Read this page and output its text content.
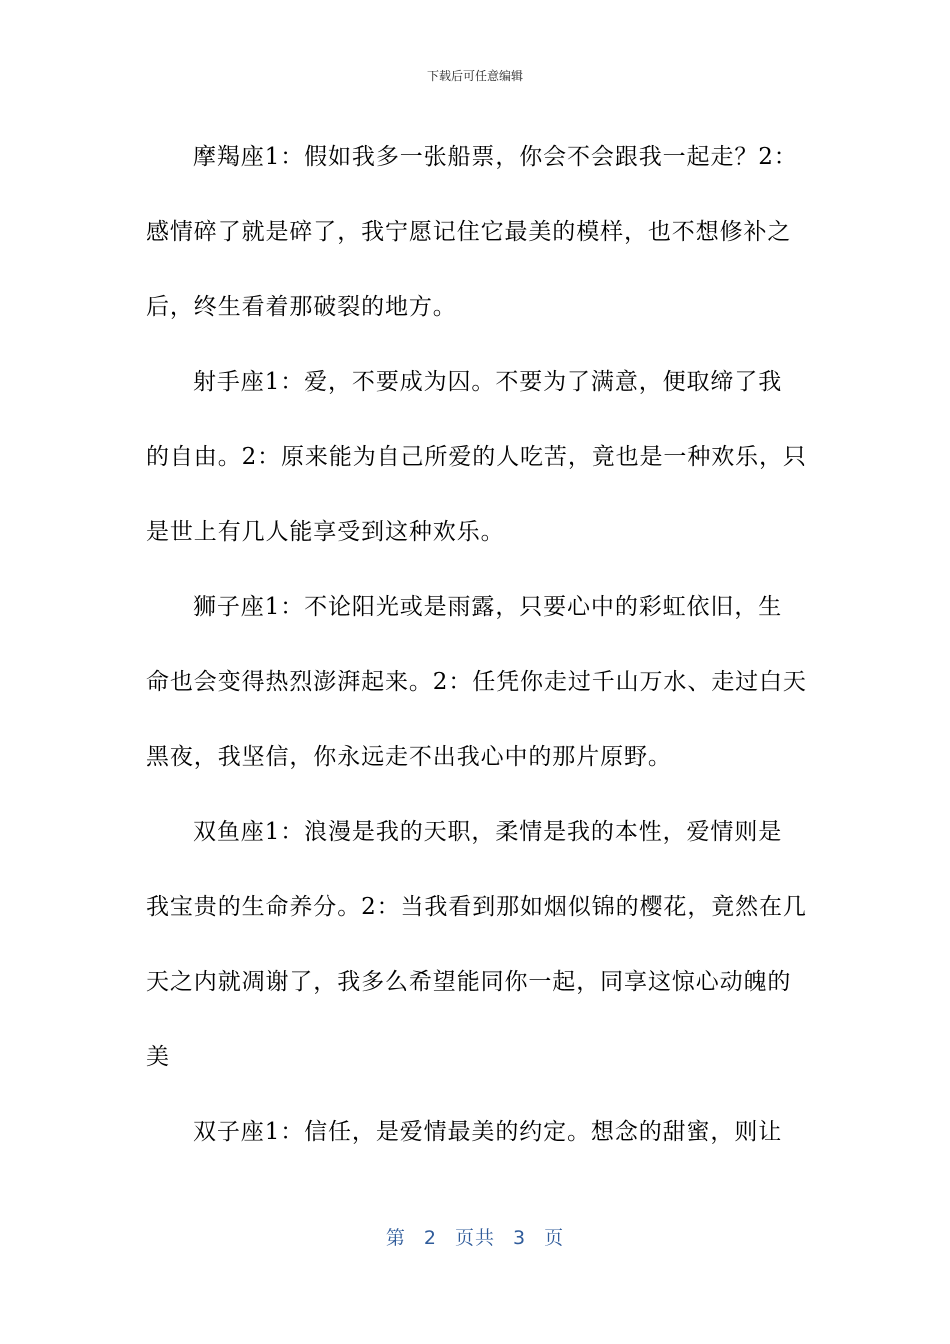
下载后可任意编辑
摩羯座1：假如我多一张船票，你会不会跟我一起走？2：
感情碎了就是碎了，我宁愿记住它最美的模样，也不想修补之
后，终生看着那破裂的地方。
射手座1：爱，不要成为囚。不要为了满意，便取缔了我
的自由。2：原来能为自己所爱的人吃苦，竟也是一种欢乐，只
是世上有几人能享受到这种欢乐。
狮子座1：不论阳光或是雨露，只要心中的彩虹依旧，生
命也会变得热烈澎湃起来。2：任凭你走过千山万水、走过白天
黑夜，我坚信，你永远走不出我心中的那片原野。
双鱼座1：浪漫是我的天职，柔情是我的本性，爱情则是
我宝贵的生命养分。2：当我看到那如烟似锦的樱花，竟然在几
天之内就凋谢了，我多么希望能同你一起，同享这惊心动魄的
美
双子座1：信任，是爱情最美的约定。想念的甜蜜，则让
第 2 页共 3 页
